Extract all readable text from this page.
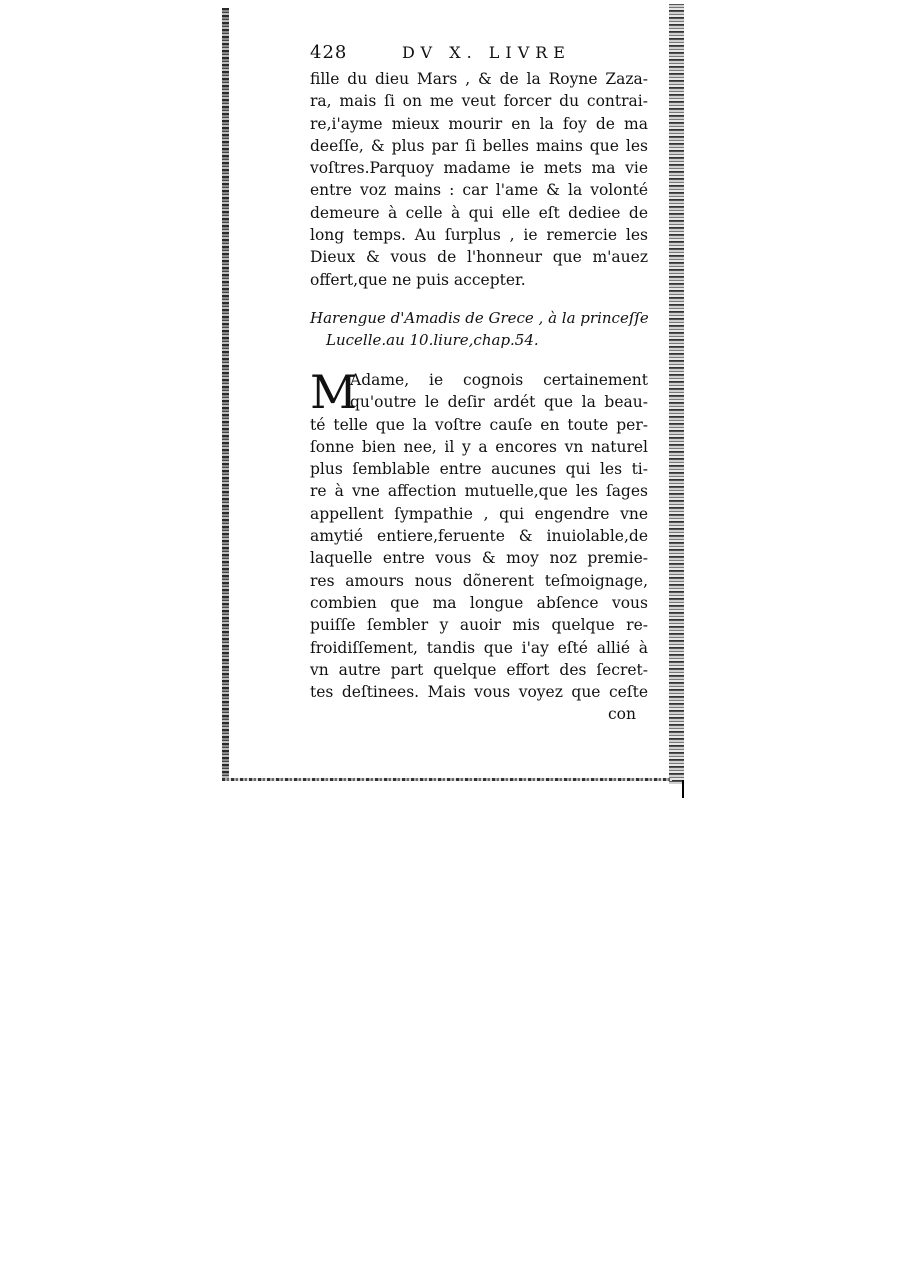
428	DV X. LIVRE
fille du dieu Mars , & de la Royne Zaza-
ra, mais ſi on me veut forcer du contrai-
re,i'ayme mieux mourir en la foy de ma
deeſſe, & plus par ſi belles mains que les
voſtres.Parquoy madame ie mets ma vie
entre voz mains : car l'ame & la volonté
demeure à celle à qui elle eſt dediee de
long temps. Au ſurplus , ie remercie les
Dieux & vous de l'honneur que m'auez
offert,que ne puis accepter.
Harengue d'Amadis de Grece , à la princeſſe
Lucelle.au 10.liure,chap.54.
M
Adame, ie cognois certainement
qu'outre le deſir ardét que la beau-
té telle que la voſtre cauſe en toute per-
ſonne bien nee, il y a encores vn naturel
plus ſemblable entre aucunes qui les ti-
re à vne affection mutuelle,que les ſages
appellent ſympathie , qui engendre vne
amytié entiere,feruente & inuiolable,de
laquelle entre vous & moy noz premie-
res amours nous dõnerent teſmoignage,
combien que ma longue abſence vous
puiſſe ſembler y auoir mis quelque re-
froidiſſement, tandis que i'ay eſté allié à
vn autre part quelque effort des ſecret-
tes deſtinees. Mais vous voyez que ceſte
con
